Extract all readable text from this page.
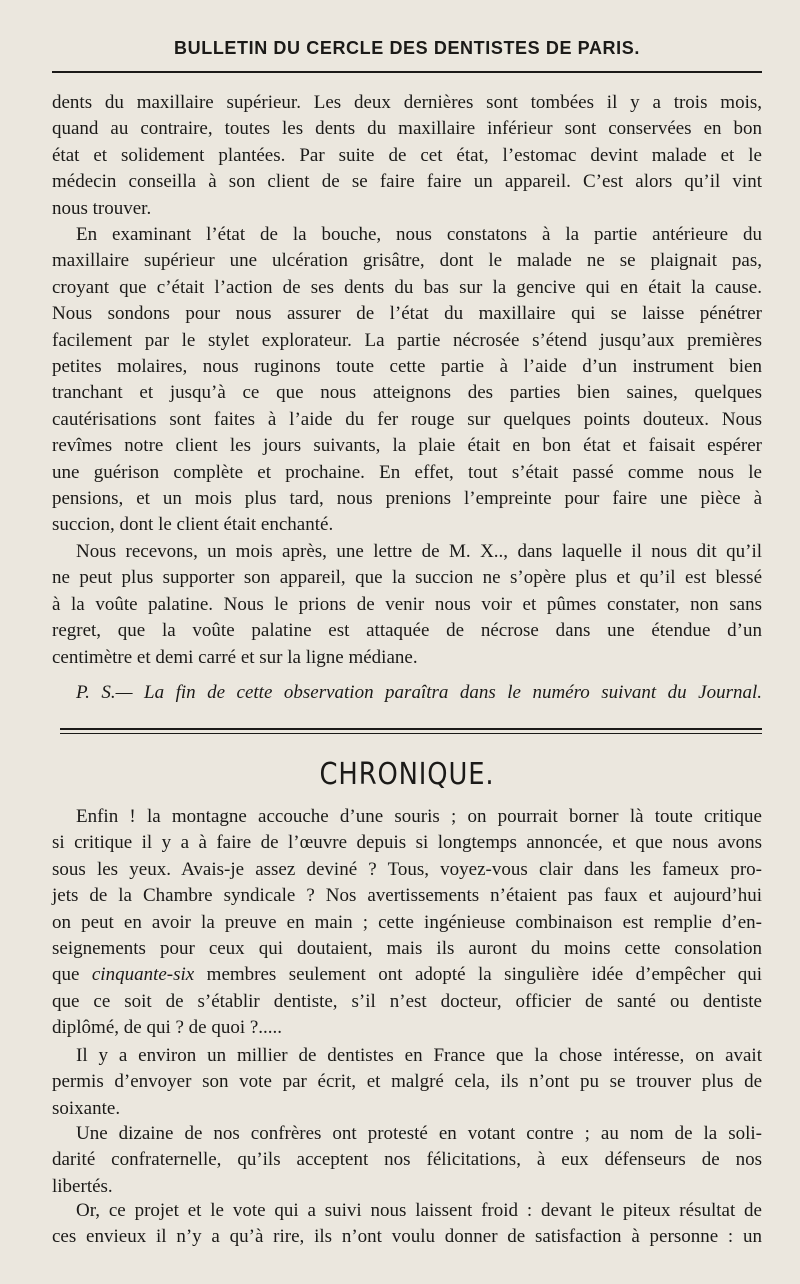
BULLETIN DU CERCLE DES DENTISTES DE PARIS.
dents du maxillaire supérieur. Les deux dernières sont tombées il y a trois mois,
quand au contraire, toutes les dents du maxillaire inférieur sont conservées en bon
état et solidement plantées. Par suite de cet état, l’estomac devint malade et le
médecin conseilla à son client de se faire faire un appareil. C’est alors qu’il vint
nous trouver.
En examinant l’état de la bouche, nous constatons à la partie antérieure du
maxillaire supérieur une ulcération grisâtre, dont le malade ne se plaignait pas,
croyant que c’était l’action de ses dents du bas sur la gencive qui en était la cause.
Nous sondons pour nous assurer de l’état du maxillaire qui se laisse pénétrer
facilement par le stylet explorateur. La partie nécrosée s’étend jusqu’aux premières
petites molaires, nous ruginons toute cette partie à l’aide d’un instrument bien
tranchant et jusqu’à ce que nous atteignons des parties bien saines, quelques
cautérisations sont faites à l’aide du fer rouge sur quelques points douteux. Nous
revîmes notre client les jours suivants, la plaie était en bon état et faisait espérer
une guérison complète et prochaine. En effet, tout s’était passé comme nous le
pensions, et un mois plus tard, nous prenions l’empreinte pour faire une pièce à
succion, dont le client était enchanté.
Nous recevons, un mois après, une lettre de M. X.., dans laquelle il nous dit qu’il
ne peut plus supporter son appareil, que la succion ne s’opère plus et qu’il est blessé
à la voûte palatine. Nous le prions de venir nous voir et pûmes constater, non sans
regret, que la voûte palatine est attaquée de nécrose dans une étendue d’un
centimètre et demi carré et sur la ligne médiane.
P. S.— La fin de cette observation paraîtra dans le numéro suivant du Journal.
CHRONIQUE.
Enfin ! la montagne accouche d’une souris ; on pourrait borner là toute critique
si critique il y a à faire de l’œuvre depuis si longtemps annoncée, et que nous avons
sous les yeux. Avais-je assez deviné ? Tous, voyez-vous clair dans les fameux pro-
jets de la Chambre syndicale ? Nos avertissements n’étaient pas faux et aujourd’hui
on peut en avoir la preuve en main ; cette ingénieuse combinaison est remplie d’en-
seignements pour ceux qui doutaient, mais ils auront du moins cette consolation
que cinquante-six membres seulement ont adopté la singulière idée d’empêcher qui
que ce soit de s’établir dentiste, s’il n’est docteur, officier de santé ou dentiste
diplômé, de qui ? de quoi ?.....
Il y a environ un millier de dentistes en France que la chose intéresse, on avait
permis d’envoyer son vote par écrit, et malgré cela, ils n’ont pu se trouver plus de
soixante.
Une dizaine de nos confrères ont protesté en votant contre ; au nom de la soli-
darité confraternelle, qu’ils acceptent nos félicitations, à eux défenseurs de nos
libertés.
Or, ce projet et le vote qui a suivi nous laissent froid : devant le piteux résultat de
ces envieux il n’y a qu’à rire, ils n’ont voulu donner de satisfaction à personne : un
